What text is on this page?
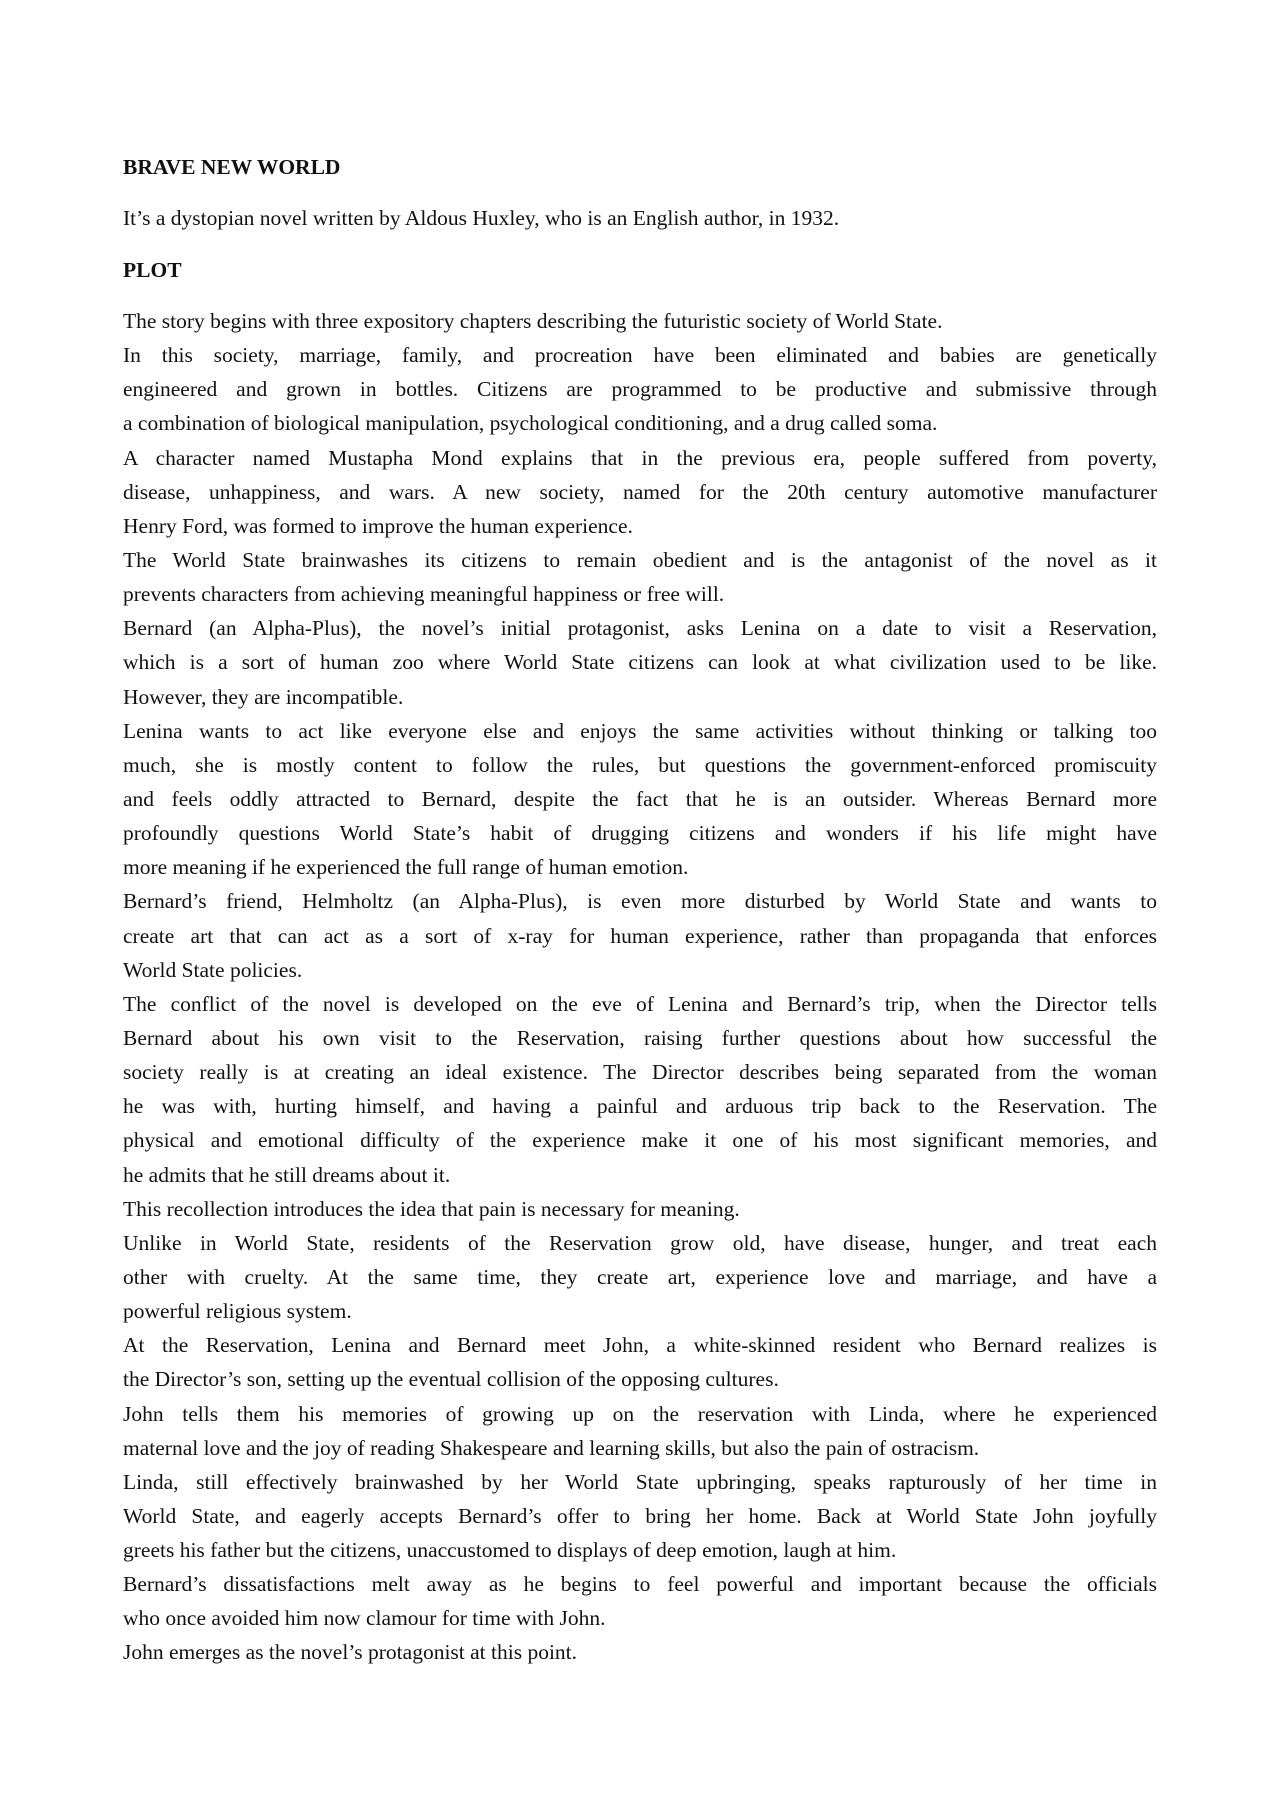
BRAVE NEW WORLD
It’s a dystopian novel written by Aldous Huxley, who is an English author, in 1932.
PLOT
The story begins with three expository chapters describing the futuristic society of World State.
In this society, marriage, family, and procreation have been eliminated and babies are genetically
engineered and grown in bottles. Citizens are programmed to be productive and submissive through
a combination of biological manipulation, psychological conditioning, and a drug called soma.
A character named Mustapha Mond explains that in the previous era, people suffered from poverty,
disease, unhappiness, and wars. A new society, named for the 20th century automotive manufacturer
Henry Ford, was formed to improve the human experience.
The World State brainwashes its citizens to remain obedient and is the antagonist of the novel as it
prevents characters from achieving meaningful happiness or free will.
Bernard (an Alpha-Plus), the novel’s initial protagonist, asks Lenina on a date to visit a Reservation,
which is a sort of human zoo where World State citizens can look at what civilization used to be like.
However, they are incompatible.
Lenina wants to act like everyone else and enjoys the same activities without thinking or talking too
much, she is mostly content to follow the rules, but questions the government-enforced promiscuity
and feels oddly attracted to Bernard, despite the fact that he is an outsider. Whereas Bernard more
profoundly questions World State’s habit of drugging citizens and wonders if his life might have
more meaning if he experienced the full range of human emotion.
Bernard’s friend, Helmholtz (an Alpha-Plus), is even more disturbed by World State and wants to
create art that can act as a sort of x-ray for human experience, rather than propaganda that enforces
World State policies.
The conflict of the novel is developed on the eve of Lenina and Bernard’s trip, when the Director tells
Bernard about his own visit to the Reservation, raising further questions about how successful the
society really is at creating an ideal existence. The Director describes being separated from the woman
he was with, hurting himself, and having a painful and arduous trip back to the Reservation. The
physical and emotional difficulty of the experience make it one of his most significant memories, and
he admits that he still dreams about it.
This recollection introduces the idea that pain is necessary for meaning.
Unlike in World State, residents of the Reservation grow old, have disease, hunger, and treat each
other with cruelty. At the same time, they create art, experience love and marriage, and have a
powerful religious system.
At the Reservation, Lenina and Bernard meet John, a white-skinned resident who Bernard realizes is
the Director’s son, setting up the eventual collision of the opposing cultures.
John tells them his memories of growing up on the reservation with Linda, where he experienced
maternal love and the joy of reading Shakespeare and learning skills, but also the pain of ostracism.
Linda, still effectively brainwashed by her World State upbringing, speaks rapturously of her time in
World State, and eagerly accepts Bernard’s offer to bring her home. Back at World State John joyfully
greets his father but the citizens, unaccustomed to displays of deep emotion, laugh at him.
Bernard’s dissatisfactions melt away as he begins to feel powerful and important because the officials
who once avoided him now clamour for time with John.
John emerges as the novel’s protagonist at this point.
